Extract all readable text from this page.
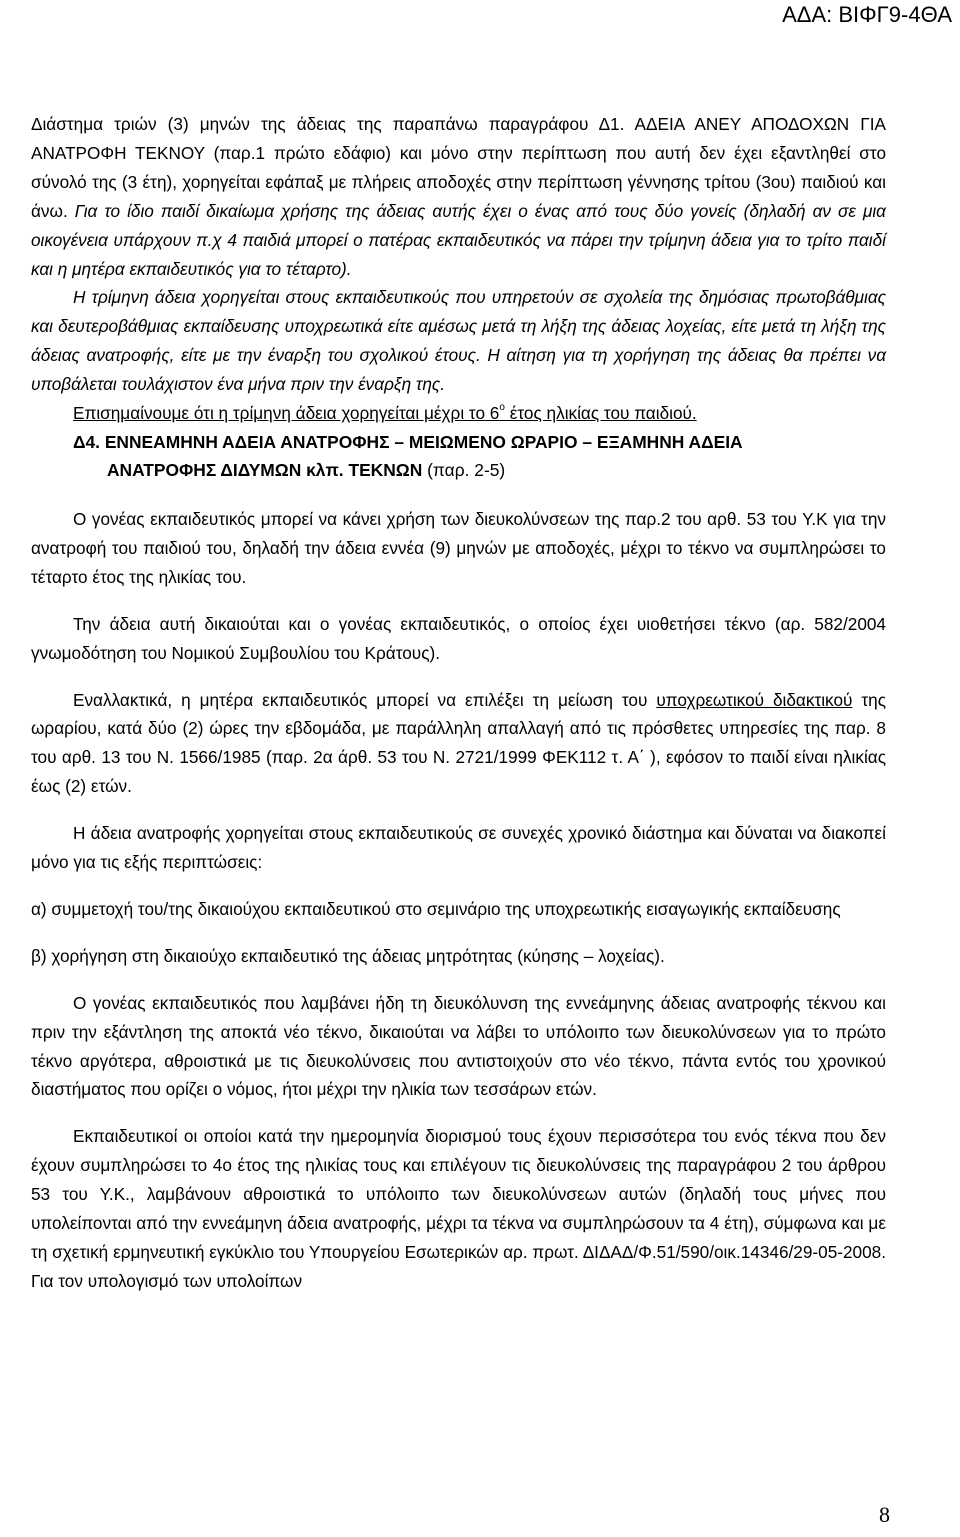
ΑΔΑ: ΒΙΦΓ9-4ΘΑ

Διάστημα τριών (3) μηνών της άδειας της παραπάνω παραγράφου Δ1. ΑΔΕΙΑ ΑΝΕΥ ΑΠΟΔΟΧΩΝ ΓΙΑ ΑΝΑΤΡΟΦΗ ΤΕΚΝΟΥ (παρ.1 πρώτο εδάφιο) και μόνο στην περίπτωση που αυτή δεν έχει εξαντληθεί στο σύνολό της (3 έτη), χορηγείται εφάπαξ με πλήρεις αποδοχές στην περίπτωση γέννησης τρίτου (3ου) παιδιού και άνω. Για το ίδιο παιδί δικαίωμα χρήσης της άδειας αυτής έχει ο ένας από τους δύο γονείς (δηλαδή αν σε μια οικογένεια υπάρχουν π.χ 4 παιδιά μπορεί ο πατέρας εκπαιδευτικός να πάρει την τρίμηνη άδεια για το τρίτο παιδί και η μητέρα εκπαιδευτικός για το τέταρτο).

Η τρίμηνη άδεια χορηγείται στους εκπαιδευτικούς που υπηρετούν σε σχολεία της δημόσιας πρωτοβάθμιας και δευτεροβάθμιας εκπαίδευσης υποχρεωτικά είτε αμέσως μετά τη λήξη της άδειας λοχείας, είτε μετά τη λήξη της άδειας ανατροφής, είτε με την έναρξη του σχολικού έτους. Η αίτηση για τη χορήγηση της άδειας θα πρέπει να υποβάλεται τουλάχιστον ένα μήνα πριν την έναρξη της.

Επισημαίνουμε ότι η τρίμηνη άδεια χορηγείται μέχρι το $6^o$ έτος ηλικίας του παιδιού.

Δ4. ΕΝΝΕΑΜΗΝΗ ΑΔΕΙΑ ΑΝΑΤΡΟΦΗΣ – ΜΕΙΩΜΕΝΟ ΩΡΑΡΙΟ – ΕΞΑΜΗΝΗ ΑΔΕΙΑ
ΑΝΑΤΡΟΦΗΣ ΔΙΔΥΜΩΝ κλπ. ΤΕΚΝΩΝ (παρ. 2-5)

Ο γονέας εκπαιδευτικός μπορεί να κάνει χρήση των διευκολύνσεων της παρ.2 του αρθ. 53 του Υ.Κ για την ανατροφή του παιδιού του, δηλαδή την άδεια εννέα (9) μηνών με αποδοχές, μέχρι το τέκνο να συμπληρώσει το τέταρτο έτος της ηλικίας του.

Την άδεια αυτή δικαιούται και ο γονέας εκπαιδευτικός, ο οποίος έχει υιοθετήσει τέκνο (αρ. 582/2004 γνωμοδότηση του Νομικού Συμβουλίου του Κράτους).

Εναλλακτικά, η μητέρα εκπαιδευτικός μπορεί να επιλέξει τη μείωση του υποχρεωτικού διδακτικού της ωραρίου, κατά δύο (2) ώρες την εβδομάδα, με παράλληλη απαλλαγή από τις πρόσθετες υπηρεσίες της παρ. 8 του αρθ. 13 του Ν. 1566/1985 (παρ. 2α άρθ. 53 του Ν. 2721/1999 ΦΕΚ112 τ. Α΄ ), εφόσον το παιδί είναι ηλικίας έως (2) ετών.

Η άδεια ανατροφής χορηγείται στους εκπαιδευτικούς σε συνεχές χρονικό διάστημα και δύναται να διακοπεί μόνο για τις εξής περιπτώσεις:

α) συμμετοχή του/της δικαιούχου εκπαιδευτικού στο σεμινάριο της υποχρεωτικής εισαγωγικής εκπαίδευσης

β) χορήγηση στη δικαιούχο εκπαιδευτικό της άδειας μητρότητας (κύησης – λοχείας).

Ο γονέας εκπαιδευτικός που λαμβάνει ήδη τη διευκόλυνση της εννεάμηνης άδειας ανατροφής τέκνου και πριν την εξάντληση της αποκτά νέο τέκνο, δικαιούται να λάβει το υπόλοιπο των διευκολύνσεων για το πρώτο τέκνο αργότερα, αθροιστικά με τις διευκολύνσεις που αντιστοιχούν στο νέο τέκνο, πάντα εντός του χρονικού διαστήματος που ορίζει ο νόμος, ήτοι μέχρι την ηλικία των τεσσάρων ετών.

Εκπαιδευτικοί οι οποίοι κατά την ημερομηνία διορισμού τους έχουν περισσότερα του ενός τέκνα που δεν έχουν συμπληρώσει το 4ο έτος της ηλικίας τους και επιλέγουν τις διευκολύνσεις της παραγράφου 2 του άρθρου 53 του Υ.Κ., λαμβάνουν αθροιστικά το υπόλοιπο των διευκολύνσεων αυτών (δηλαδή τους μήνες που υπολείπονται από την εννεάμηνη άδεια ανατροφής, μέχρι τα τέκνα να συμπληρώσουν τα 4 έτη), σύμφωνα και με τη σχετική ερμηνευτική εγκύκλιο του Υπουργείου Εσωτερικών αρ. πρωτ. ΔΙΔΑΔ/Φ.51/590/οικ.14346/29-05-2008. Για τον υπολογισμό των υπολοίπων

8
